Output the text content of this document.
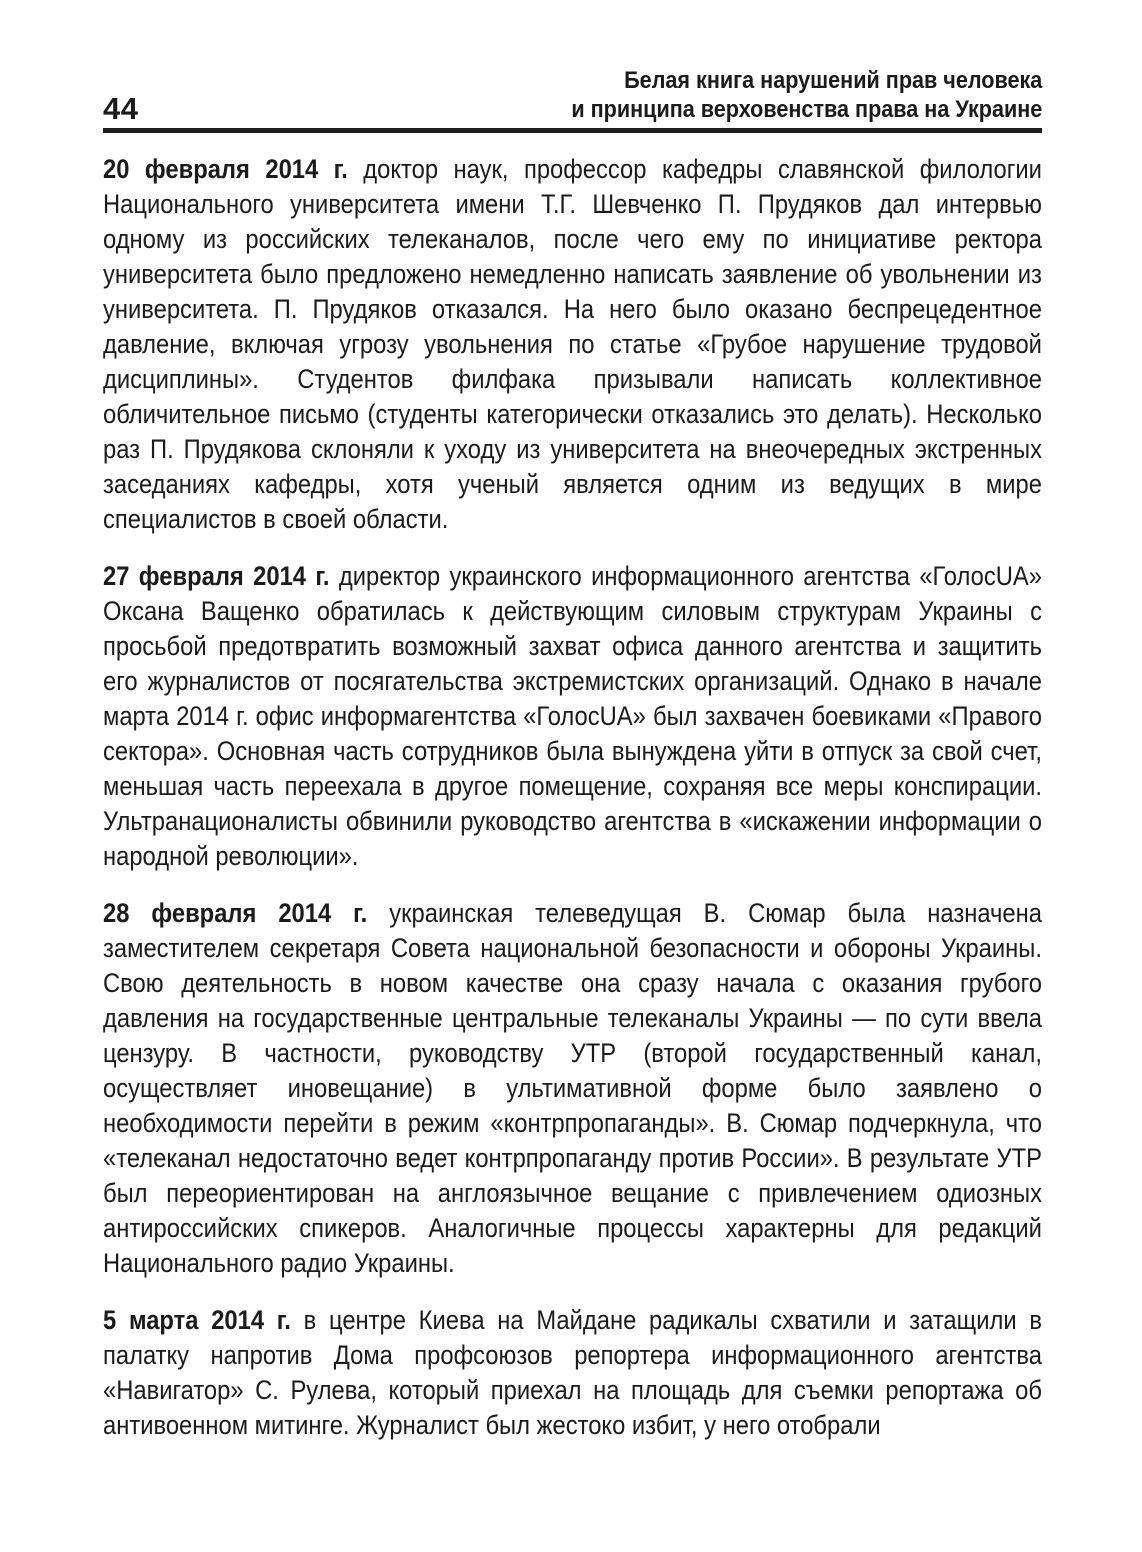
44
Белая книга нарушений прав человека
и принципа верховенства права на Украине

20 февраля 2014 г. доктор наук, профессор кафедры славянской филологии Национального университета имени Т.Г. Шевченко П. Прудяков дал интервью одному из российских телеканалов, после чего ему по инициативе ректора университета было предложено немедленно написать заявление об увольнении из университета. П. Прудяков отказался. На него было оказано беспрецедентное давление, включая угрозу увольнения по статье «Грубое нарушение трудовой дисциплины». Студентов филфака призывали написать коллективное обличительное письмо (студенты категорически отказались это делать). Несколько раз П. Прудякова склоняли к уходу из университета на внеочередных экстренных заседаниях кафедры, хотя ученый является одним из ведущих в мире специалистов в своей области.

27 февраля 2014 г. директор украинского информационного агентства «ГолосUA» Оксана Ващенко обратилась к действующим силовым структурам Украины с просьбой предотвратить возможный захват офиса данного агентства и защитить его журналистов от посягательства экстремистских организаций. Однако в начале марта 2014 г. офис информагентства «ГолосUA» был захвачен боевиками «Правого сектора». Основная часть сотрудников была вынуждена уйти в отпуск за свой счет, меньшая часть переехала в другое помещение, сохраняя все меры конспирации. Ультранационалисты обвинили руководство агентства в «искажении информации о народной революции».

28 февраля 2014 г. украинская телеведущая В. Сюмар была назначена заместителем секретаря Совета национальной безопасности и обороны Украины. Свою деятельность в новом качестве она сразу начала с оказания грубого давления на государственные центральные телеканалы Украины — по сути ввела цензуру. В частности, руководству УТР (второй государственный канал, осуществляет иновещание) в ультимативной форме было заявлено о необходимости перейти в режим «контрпропаганды». В. Сюмар подчеркнула, что «телеканал недостаточно ведет контрпропаганду против России». В результате УТР был переориентирован на англоязычное вещание с привлечением одиозных антироссийских спикеров. Аналогичные процессы характерны для редакций Национального радио Украины.

5 марта 2014 г. в центре Киева на Майдане радикалы схватили и затащили в палатку напротив Дома профсоюзов репортера информационного агентства «Навигатор» С. Рулева, который приехал на площадь для съемки репортажа об антивоенном митинге. Журналист был жестоко избит, у него отобрали
